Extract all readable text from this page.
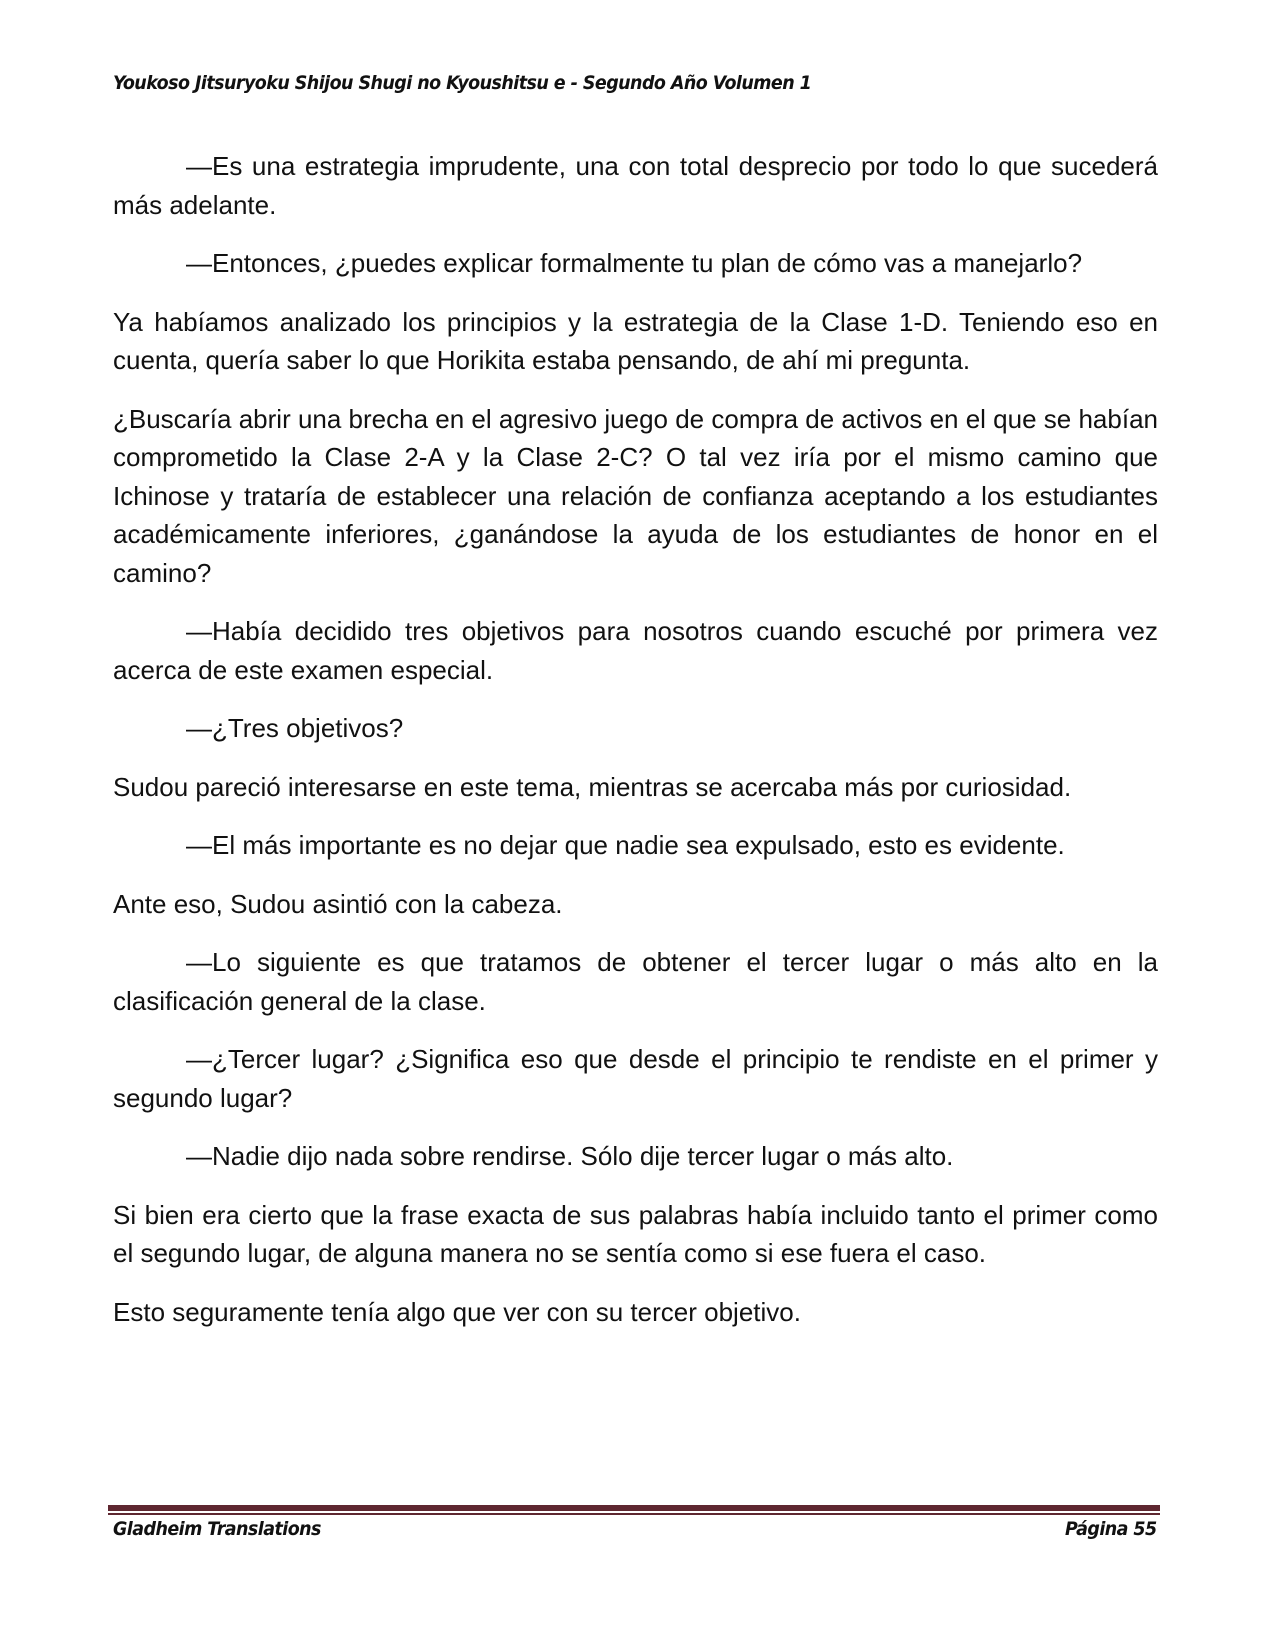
Youkoso Jitsuryoku Shijou Shugi no Kyoushitsu e - Segundo Año Volumen 1

—Es una estrategia imprudente, una con total desprecio por todo lo que sucederá más adelante.

—Entonces, ¿puedes explicar formalmente tu plan de cómo vas a manejarlo?

Ya habíamos analizado los principios y la estrategia de la Clase 1-D. Teniendo eso en cuenta, quería saber lo que Horikita estaba pensando, de ahí mi pregunta.

¿Buscaría abrir una brecha en el agresivo juego de compra de activos en el que se habían comprometido la Clase 2-A y la Clase 2-C? O tal vez iría por el mismo camino que Ichinose y trataría de establecer una relación de confianza aceptando a los estudiantes académicamente inferiores, ¿ganándose la ayuda de los estudiantes de honor en el camino?

—Había decidido tres objetivos para nosotros cuando escuché por primera vez acerca de este examen especial.

—¿Tres objetivos?

Sudou pareció interesarse en este tema, mientras se acercaba más por curiosidad.

—El más importante es no dejar que nadie sea expulsado, esto es evidente.

Ante eso, Sudou asintió con la cabeza.

—Lo siguiente es que tratamos de obtener el tercer lugar o más alto en la clasificación general de la clase.

—¿Tercer lugar? ¿Significa eso que desde el principio te rendiste en el primer y segundo lugar?

—Nadie dijo nada sobre rendirse. Sólo dije tercer lugar o más alto.

Si bien era cierto que la frase exacta de sus palabras había incluido tanto el primer como el segundo lugar, de alguna manera no se sentía como si ese fuera el caso.

Esto seguramente tenía algo que ver con su tercer objetivo.

Gladheim Translations	Página 55
